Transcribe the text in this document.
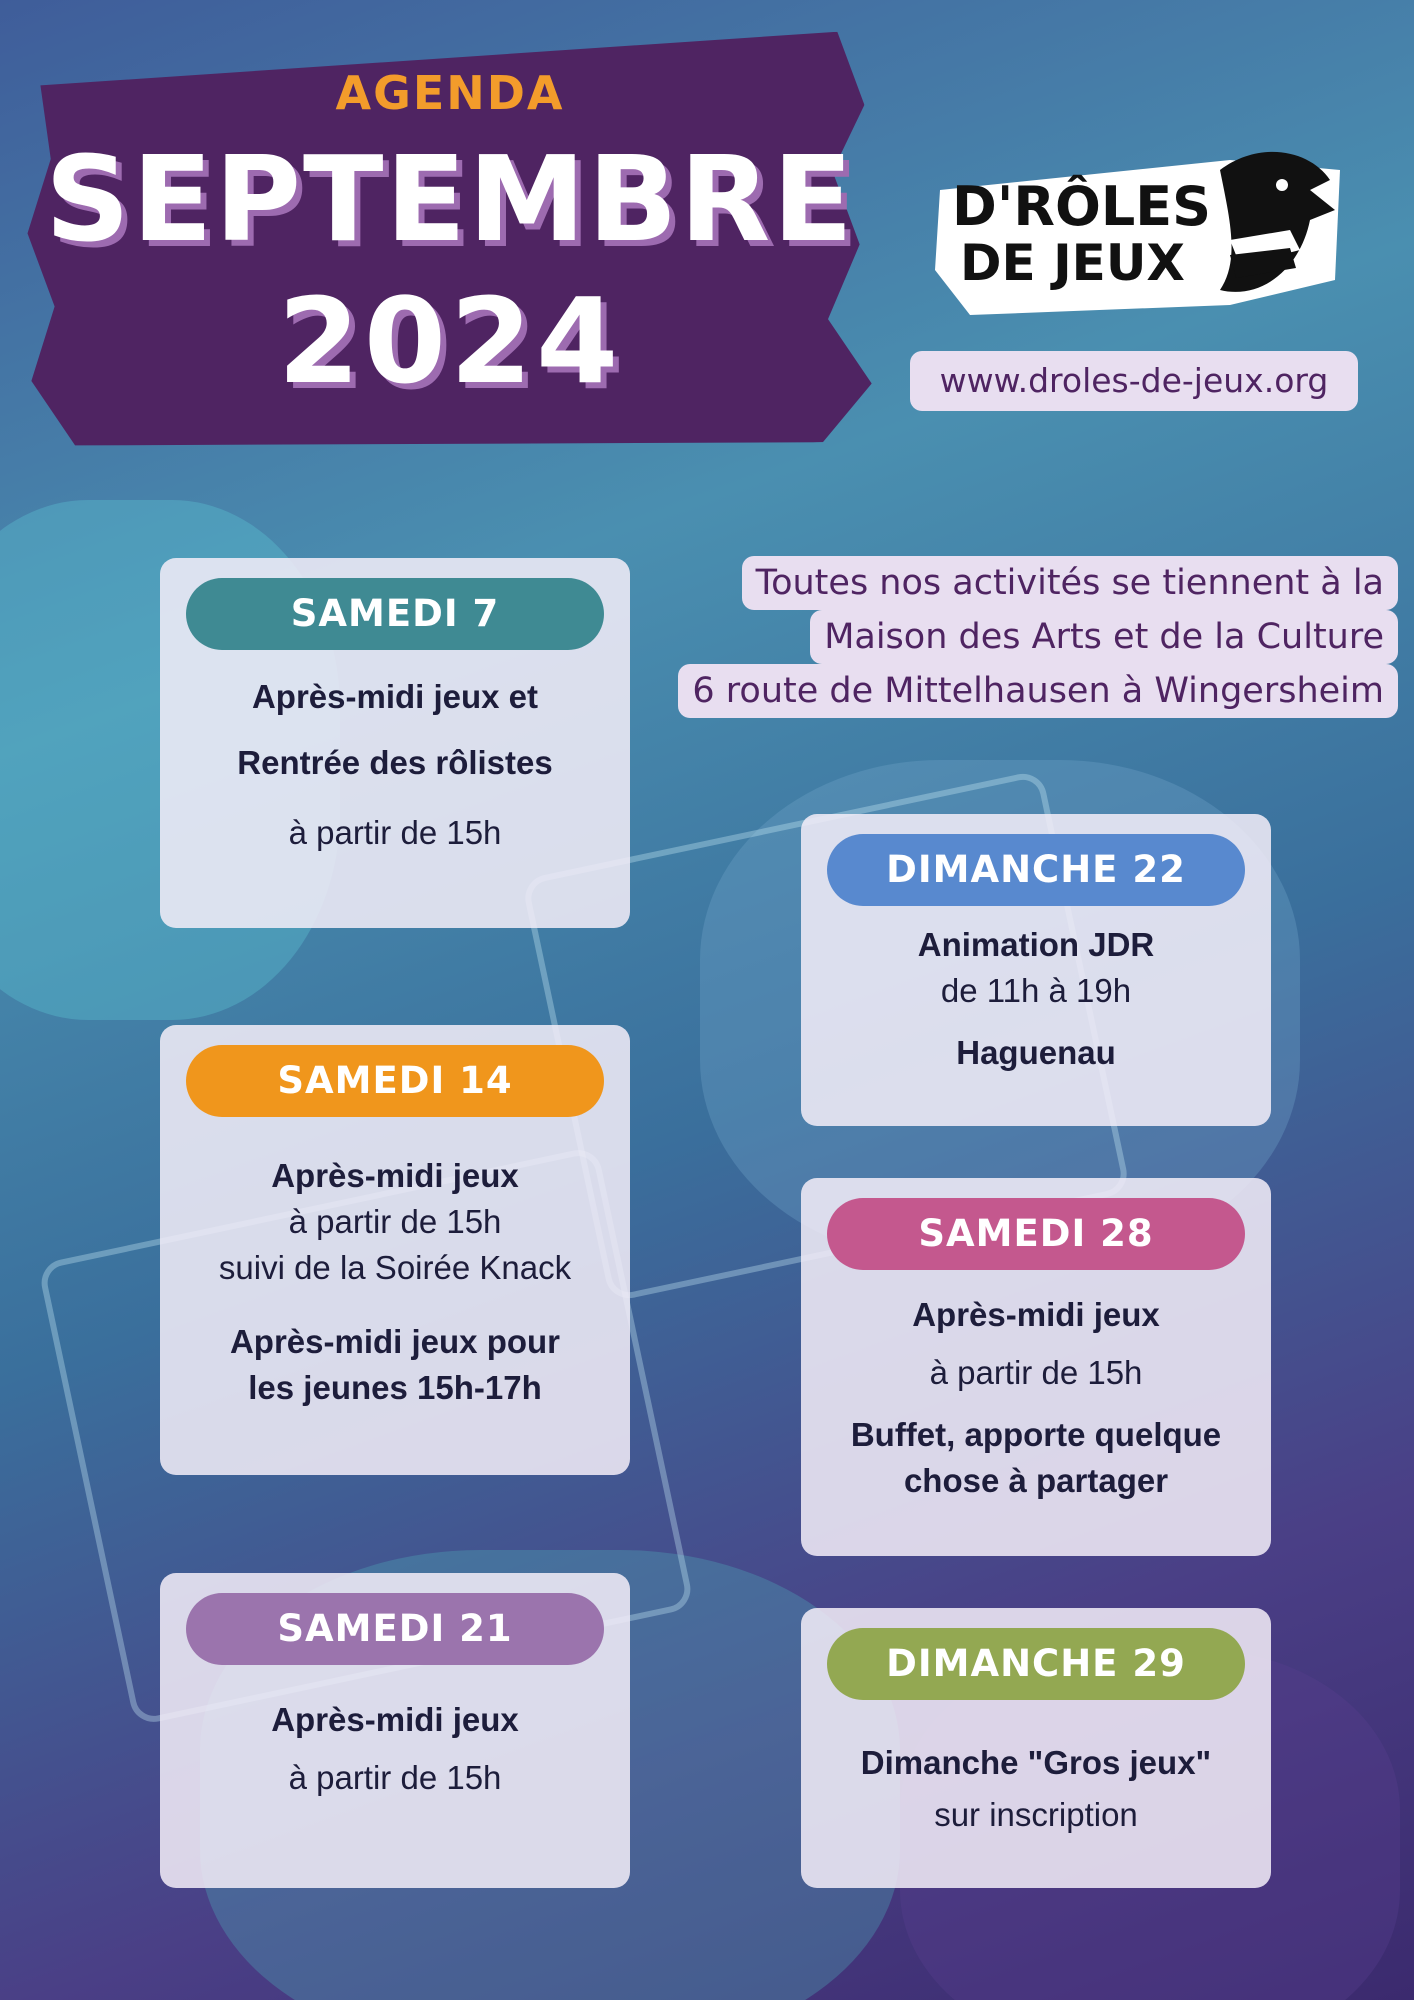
AGENDA
SEPTEMBRE
2024
D'RÔLES
DE JEUX
www.droles-de-jeux.org
Toutes nos activités se tiennent à la
Maison des Arts et de la Culture
6 route de Mittelhausen à Wingersheim
SAMEDI 7
Après-midi jeux et
Rentrée des rôlistes
à partir de 15h
SAMEDI 14
Après-midi jeux
à partir de 15h
suivi de la Soirée Knack
Après-midi jeux pour
les jeunes 15h-17h
SAMEDI 21
Après-midi jeux
à partir de 15h
DIMANCHE 22
Animation JDR
de 11h à 19h
Haguenau
SAMEDI 28
Après-midi jeux
à partir de 15h
Buffet, apporte quelque
chose à partager
DIMANCHE 29
Dimanche "Gros jeux"
sur inscription
